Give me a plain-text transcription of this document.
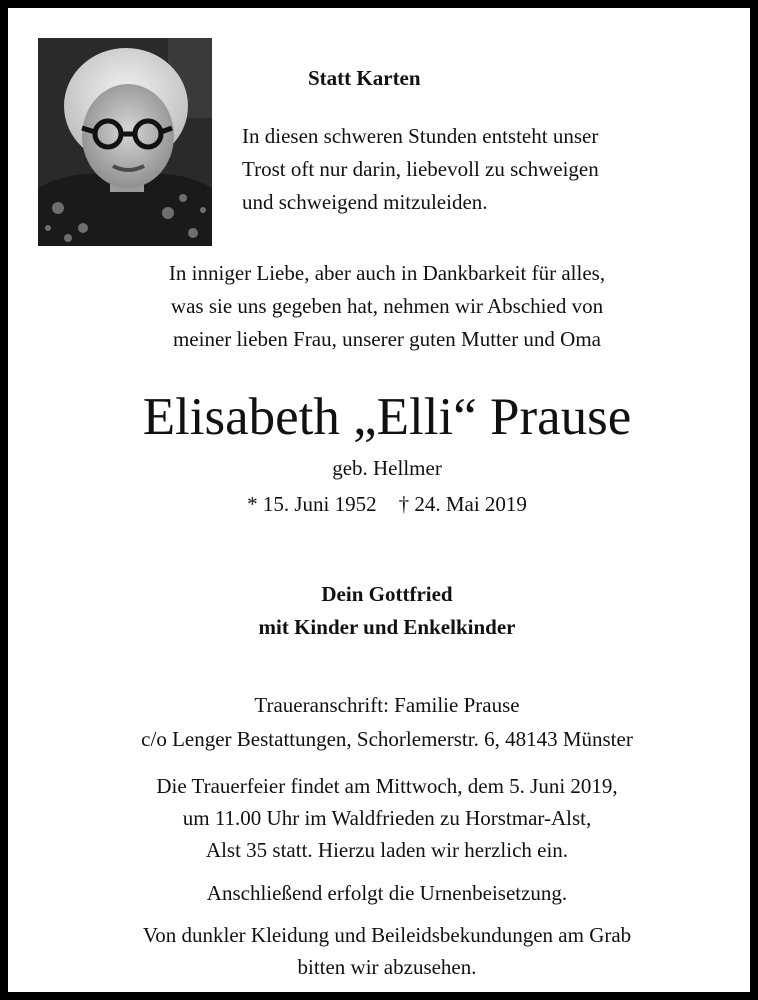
Statt Karten
In diesen schweren Stunden entsteht unser
Trost oft nur darin, liebevoll zu schweigen
und schweigend mitzuleiden.
In inniger Liebe, aber auch in Dankbarkeit für alles,
was sie uns gegeben hat, nehmen wir Abschied von
meiner lieben Frau, unserer guten Mutter und Oma
Elisabeth „Elli“ Prause
geb. Hellmer
* 15. Juni 1952 † 24. Mai 2019
Dein Gottfried
mit Kinder und Enkelkinder
Traueranschrift: Familie Prause
c/o Lenger Bestattungen, Schorlemerstr. 6, 48143 Münster
Die Trauerfeier findet am Mittwoch, dem 5. Juni 2019,
um 11.00 Uhr im Waldfrieden zu Horstmar-Alst,
Alst 35 statt. Hierzu laden wir herzlich ein.
Anschließend erfolgt die Urnenbeisetzung.
Von dunkler Kleidung und Beileidsbekundungen am Grab
bitten wir abzusehen.
